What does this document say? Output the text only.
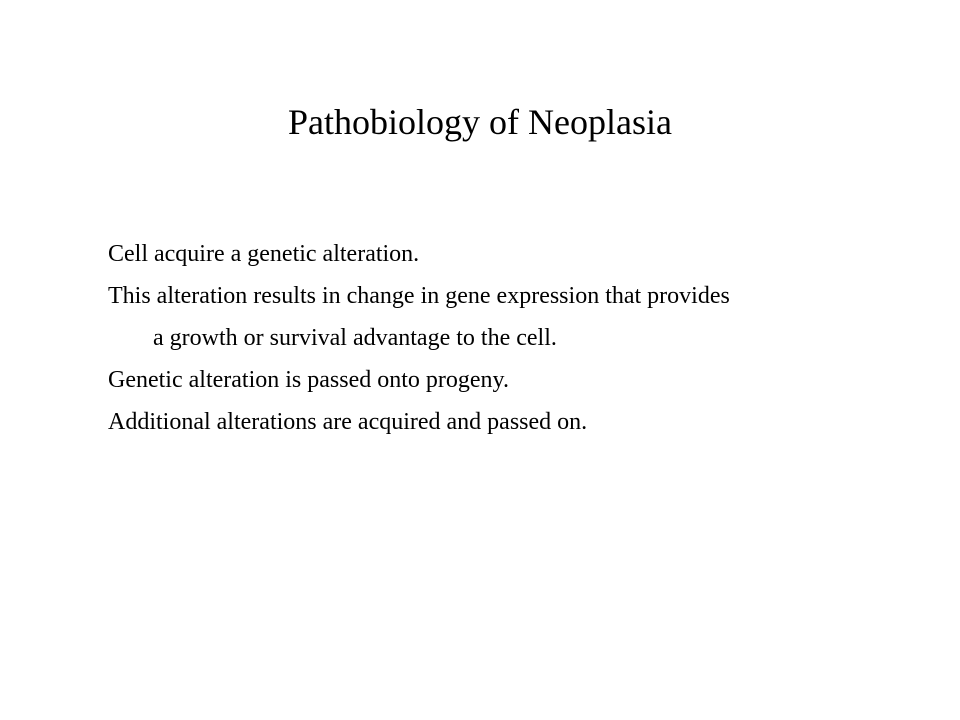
Pathobiology of Neoplasia
Cell acquire a genetic alteration.
This alteration results in change in gene expression that provides
a growth or survival advantage to the cell.
Genetic alteration is passed onto progeny.
Additional alterations are acquired and passed on.
